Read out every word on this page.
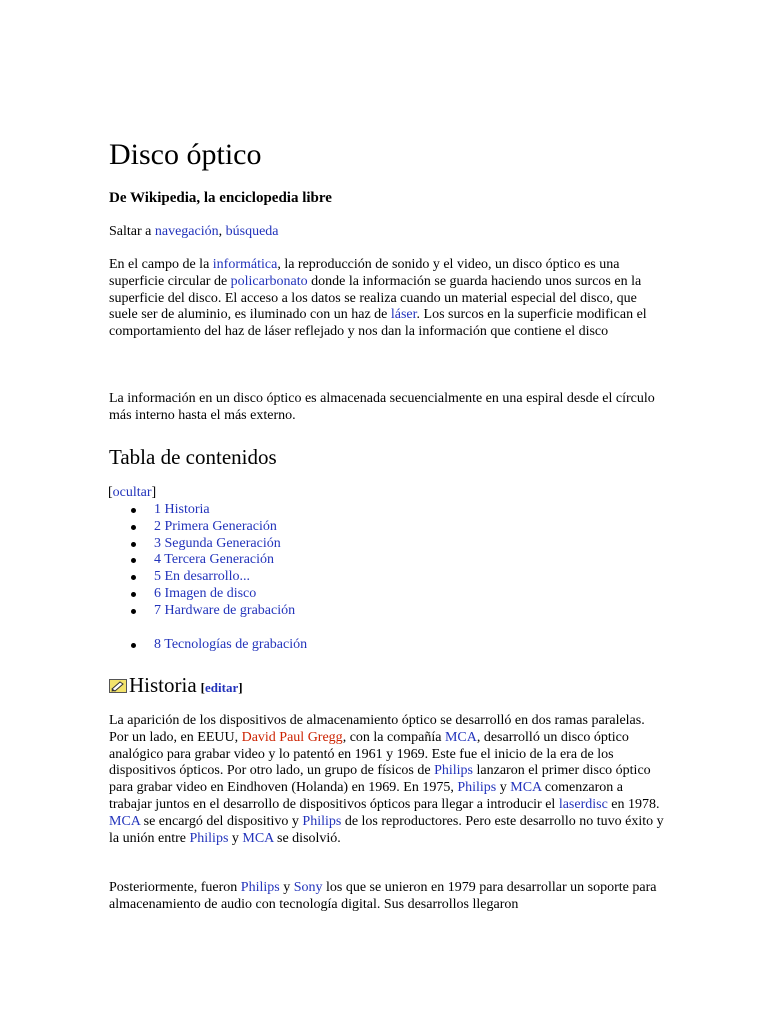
Disco óptico
De Wikipedia, la enciclopedia libre
Saltar a navegación, búsqueda

En el campo de la informática, la reproducción de sonido y el video, un disco óptico es una superficie circular de policarbonato donde la información se guarda haciendo unos surcos en la superficie del disco. El acceso a los datos se realiza cuando un material especial del disco, que suele ser de aluminio, es iluminado con un haz de láser. Los surcos en la superficie modifican el comportamiento del haz de láser reflejado y nos dan la información que contiene el disco

La información en un disco óptico es almacenada secuencialmente en una espiral desde el círculo más interno hasta el más externo.

Tabla de contenidos
[ocultar]
1 Historia
2 Primera Generación
3 Segunda Generación
4 Tercera Generación
5 En desarrollo...
6 Imagen de disco
7 Hardware de grabación
8 Tecnologías de grabación
Historia [editar]

La aparición de los dispositivos de almacenamiento óptico se desarrolló en dos ramas paralelas. Por un lado, en EEUU, David Paul Gregg, con la compañía MCA, desarrolló un disco óptico analógico para grabar video y lo patentó en 1961 y 1969. Este fue el inicio de la era de los dispositivos ópticos. Por otro lado, un grupo de físicos de Philips lanzaron el primer disco óptico para grabar video en Eindhoven (Holanda) en 1969. En 1975, Philips y MCA comenzaron a trabajar juntos en el desarrollo de dispositivos ópticos para llegar a introducir el laserdisc en 1978. MCA se encargó del dispositivo y Philips de los reproductores. Pero este desarrollo no tuvo éxito y la unión entre Philips y MCA se disolvió.

Posteriormente, fueron Philips y Sony los que se unieron en 1979 para desarrollar un soporte para almacenamiento de audio con tecnología digital. Sus desarrollos llegaron
